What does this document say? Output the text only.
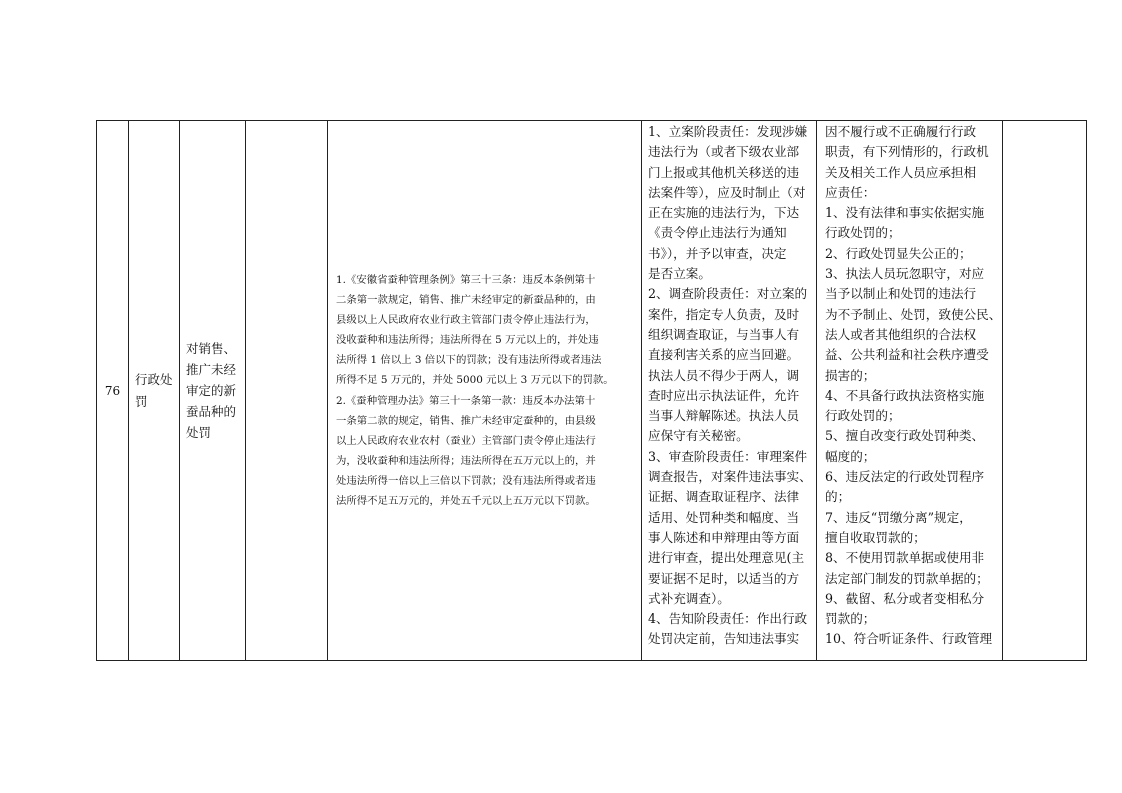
76	
行政处
罚

对销售、
推广未经
审定的新
蚕品种的
处罚

1.《安徽省蚕种管理条例》第三十三条：违反本条例第十
二条第一款规定，销售、推广未经审定的新蚕品种的，由
县级以上人民政府农业行政主管部门责令停止违法行为，
没收蚕种和违法所得；违法所得在 5 万元以上的，并处违
法所得 1 倍以上 3 倍以下的罚款；没有违法所得或者违法
所得不足 5 万元的，并处 5000 元以上 3 万元以下的罚款。
2.《蚕种管理办法》第三十一条第一款：违反本办法第十
一条第二款的规定，销售、推广未经审定蚕种的，由县级
以上人民政府农业农村（蚕业）主管部门责令停止违法行
为，没收蚕种和违法所得；违法所得在五万元以上的，并
处违法所得一倍以上三倍以下罚款；没有违法所得或者违
法所得不足五万元的，并处五千元以上五万元以下罚款。

1、立案阶段责任：发现涉嫌
违法行为（或者下级农业部
门上报或其他机关移送的违
法案件等），应及时制止（对
正在实施的违法行为，下达
《责令停止违法行为通知
书》），并予以审查，决定
是否立案。
2、调查阶段责任：对立案的
案件，指定专人负责，及时
组织调查取证，与当事人有
直接利害关系的应当回避。
执法人员不得少于两人，调
查时应出示执法证件，允许
当事人辩解陈述。执法人员
应保守有关秘密。
3、审查阶段责任：审理案件
调查报告，对案件违法事实、
证据、调查取证程序、法律
适用、处罚种类和幅度、当
事人陈述和申辩理由等方面
进行审查，提出处理意见(主
要证据不足时，以适当的方
式补充调查）。
4、告知阶段责任：作出行政
处罚决定前，告知违法事实

因不履行或不正确履行行政
职责，有下列情形的，行政机
关及相关工作人员应承担相
应责任：
1、没有法律和事实依据实施
行政处罚的；
2、行政处罚显失公正的；
3、执法人员玩忽职守，对应
当予以制止和处罚的违法行
为不予制止、处罚，致使公民、
法人或者其他组织的合法权
益、公共利益和社会秩序遭受
损害的；
4、不具备行政执法资格实施
行政处罚的；
5、擅自改变行政处罚种类、
幅度的；
6、违反法定的行政处罚程序
的；
7、违反“罚缴分离”规定，
擅自收取罚款的；
8、不使用罚款单据或使用非
法定部门制发的罚款单据的；
9、截留、私分或者变相私分
罚款的；
10、符合听证条件、行政管理
